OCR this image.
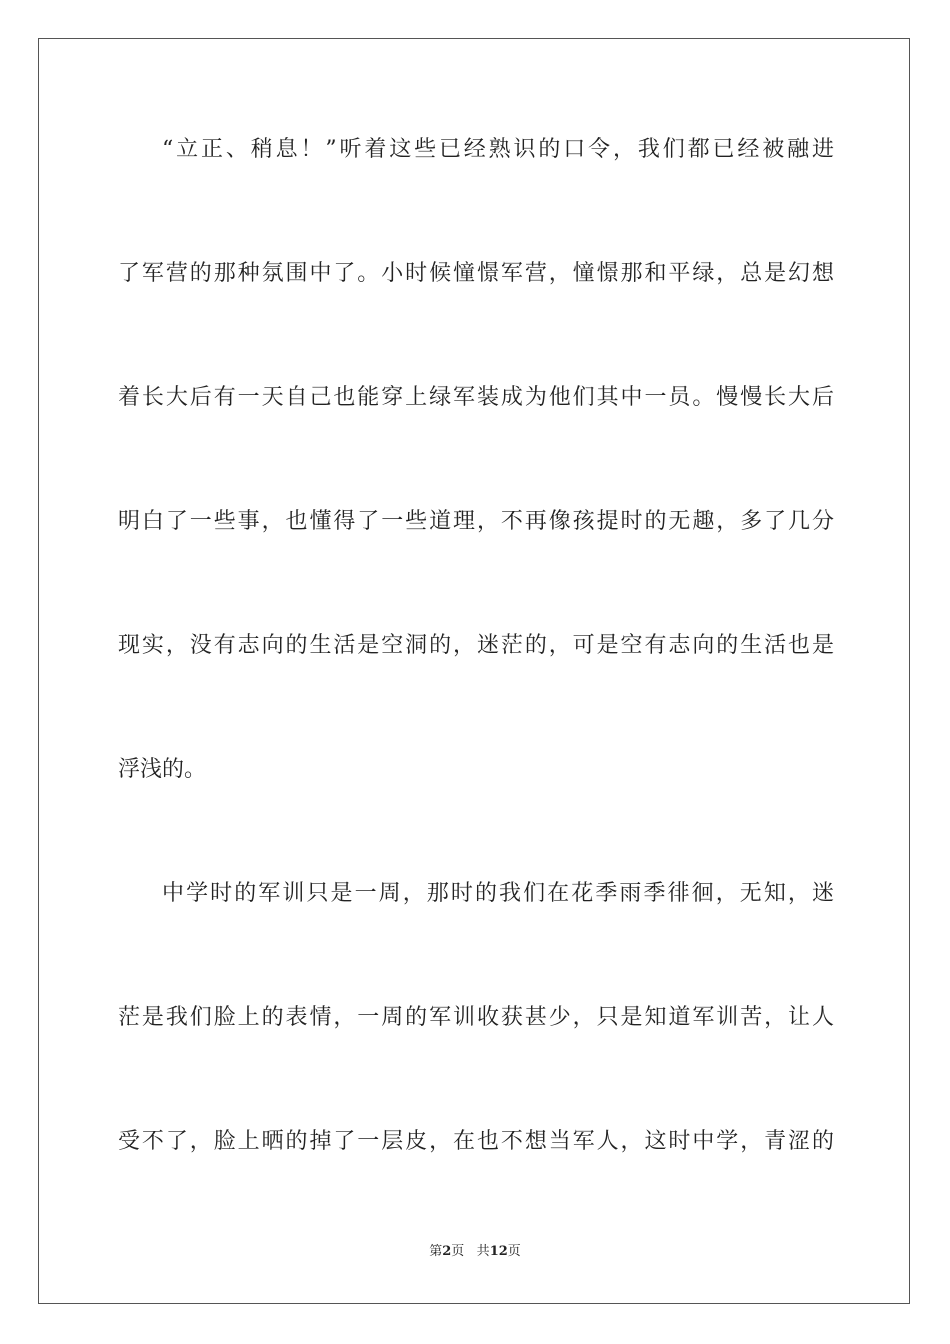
“立正、稍息！”听着这些已经熟识的口令，我们都已经被融进
了军营的那种氛围中了。小时候憧憬军营，憧憬那和平绿，总是幻想
着长大后有一天自己也能穿上绿军装成为他们其中一员。慢慢长大后
明白了一些事，也懂得了一些道理，不再像孩提时的无趣，多了几分
现实，没有志向的生活是空洞的，迷茫的，可是空有志向的生活也是
浮浅的。
中学时的军训只是一周，那时的我们在花季雨季徘徊，无知，迷
茫是我们脸上的表情，一周的军训收获甚少，只是知道军训苦，让人
受不了，脸上晒的掉了一层皮，在也不想当军人，这时中学，青涩的
第2页 共12页
